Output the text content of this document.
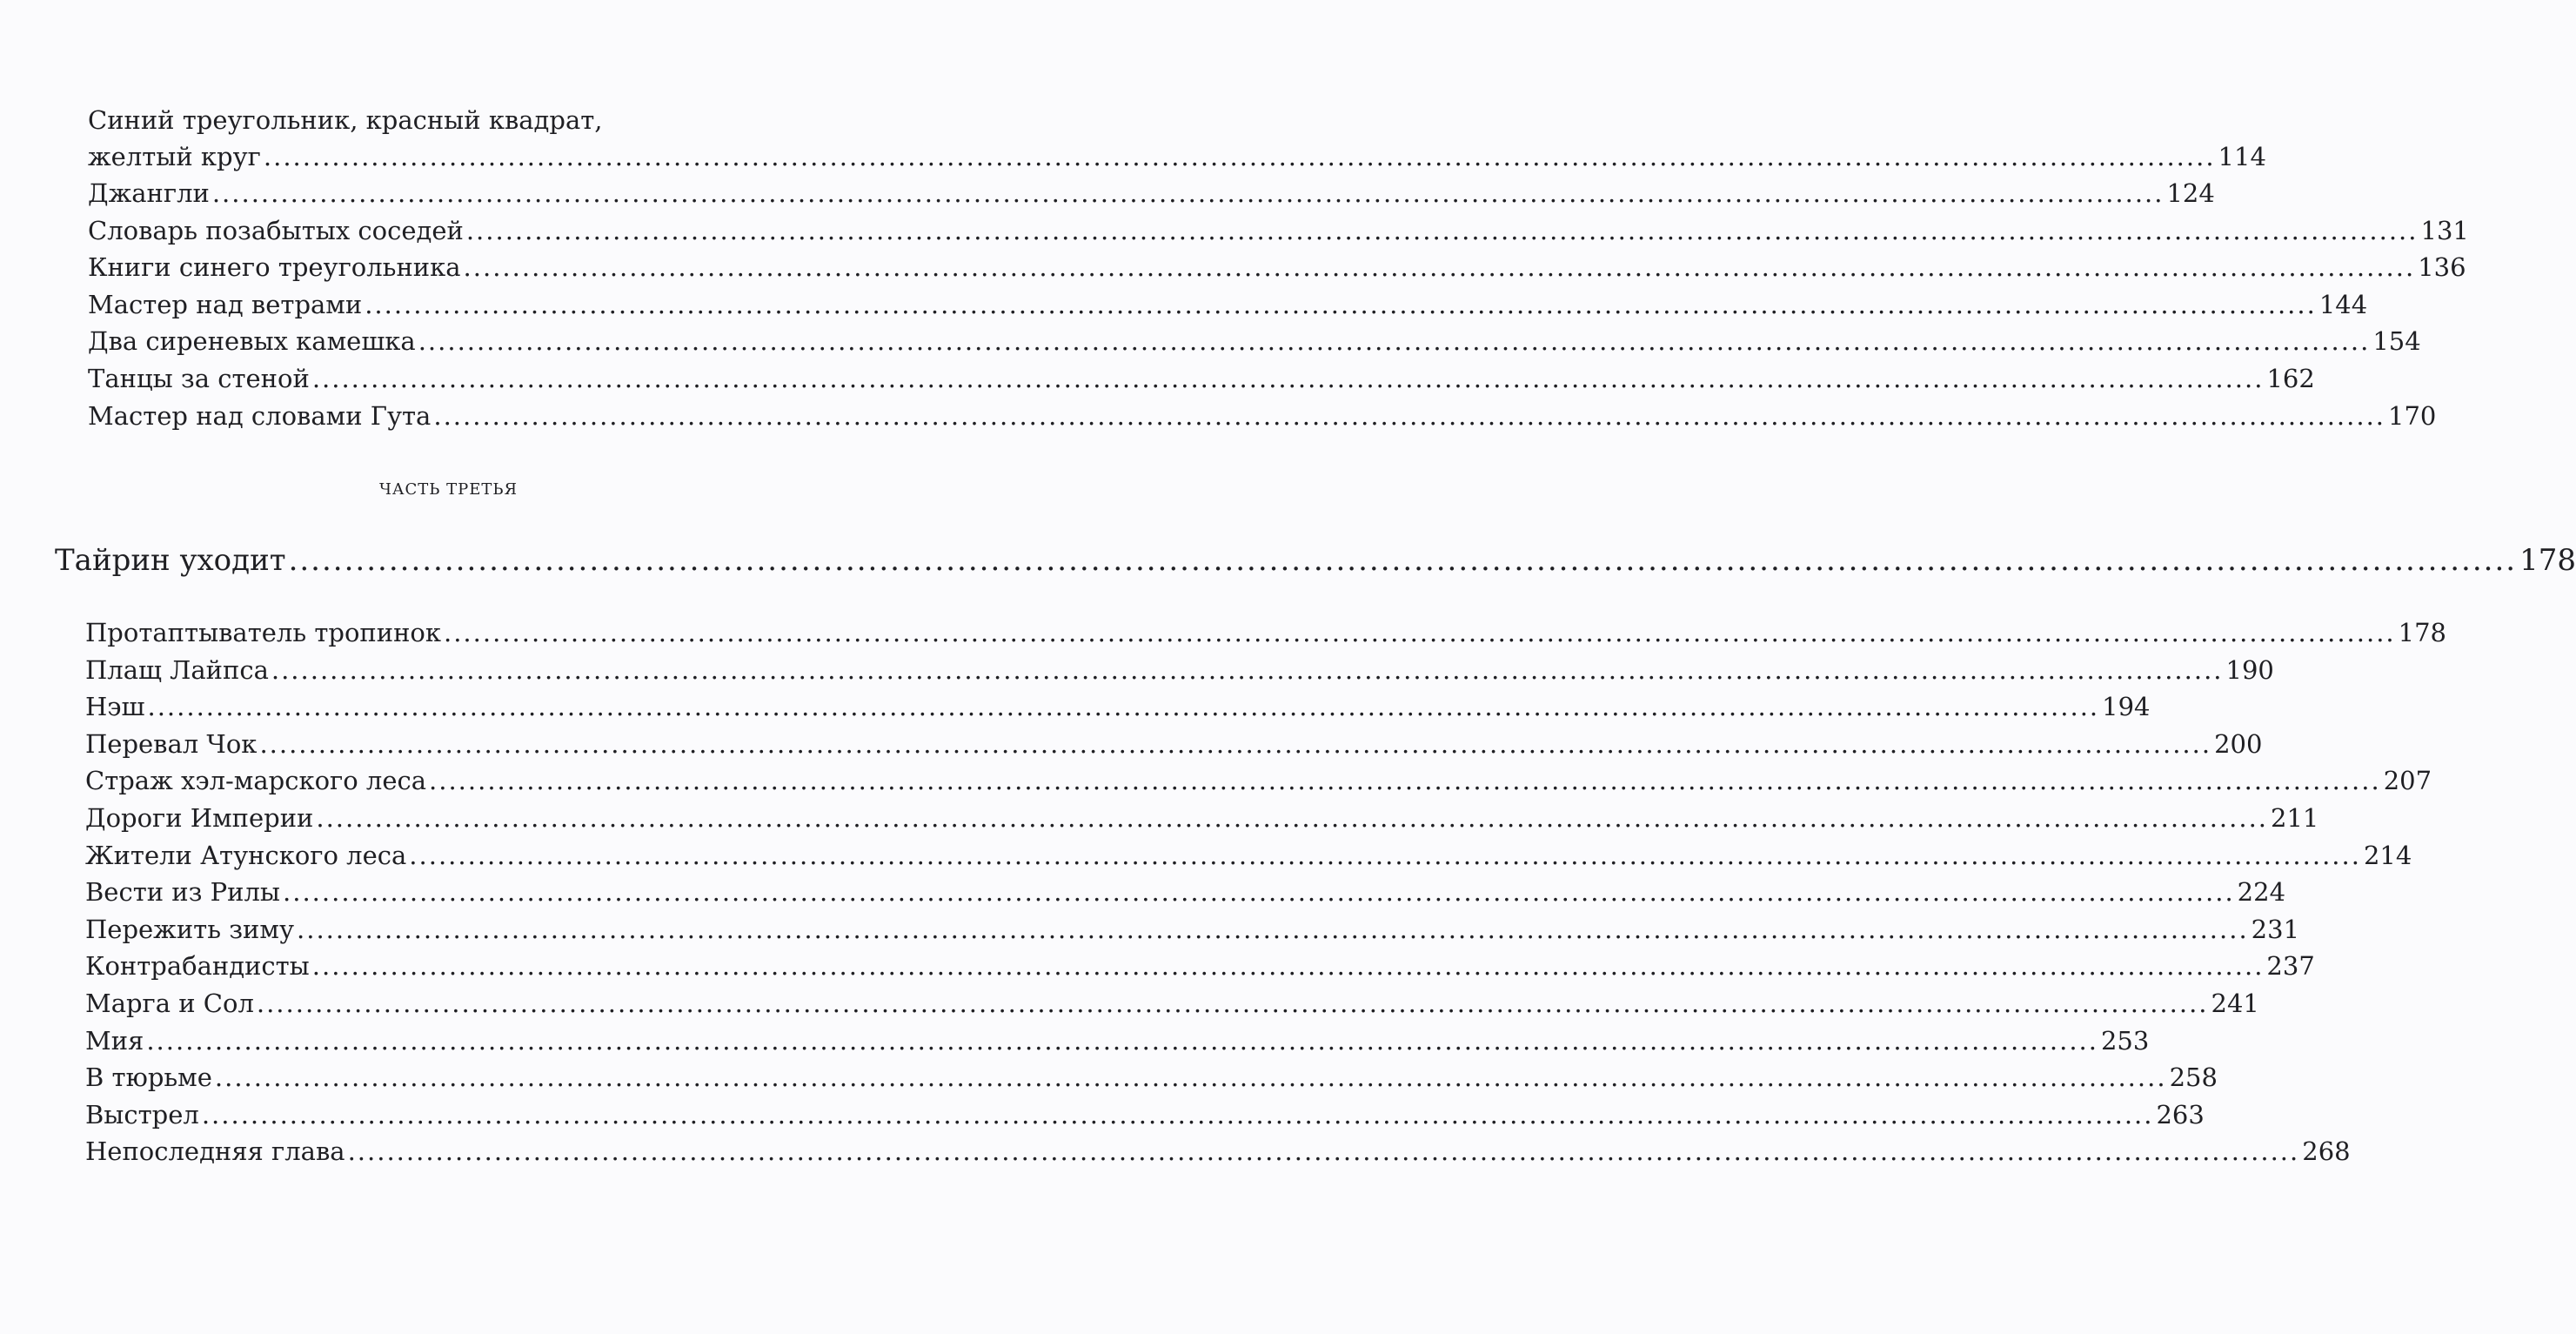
Синий треугольник, красный квадрат,
желтый круг ........................................................................................................................................................................................................ 114
Джангли ........................................................................................................................................................................................................ 124
Словарь позабытых соседей ........................................................................................................................................................................................................ 131
Книги синего треугольника ........................................................................................................................................................................................................ 136
Мастер над ветрами ........................................................................................................................................................................................................ 144
Два сиреневых камешка ........................................................................................................................................................................................................ 154
Танцы за стеной ........................................................................................................................................................................................................ 162
Мастер над словами Гута ........................................................................................................................................................................................................ 170
ЧАСТЬ ТРЕТЬЯ
Тайрин уходит ........................................................................................................................................................................................................ 178
Протаптыватель тропинок ........................................................................................................................................................................................................ 178
Плащ Лайпса ........................................................................................................................................................................................................ 190
Нэш ........................................................................................................................................................................................................ 194
Перевал Чок ........................................................................................................................................................................................................ 200
Страж хэл-марского леса ........................................................................................................................................................................................................ 207
Дороги Империи ........................................................................................................................................................................................................ 211
Жители Атунского леса ........................................................................................................................................................................................................ 214
Вести из Рилы ........................................................................................................................................................................................................ 224
Пережить зиму ........................................................................................................................................................................................................ 231
Контрабандисты ........................................................................................................................................................................................................ 237
Марга и Сол ........................................................................................................................................................................................................ 241
Мия ........................................................................................................................................................................................................ 253
В тюрьме ........................................................................................................................................................................................................ 258
Выстрел ........................................................................................................................................................................................................ 263
Непоследняя глава ........................................................................................................................................................................................................ 268
